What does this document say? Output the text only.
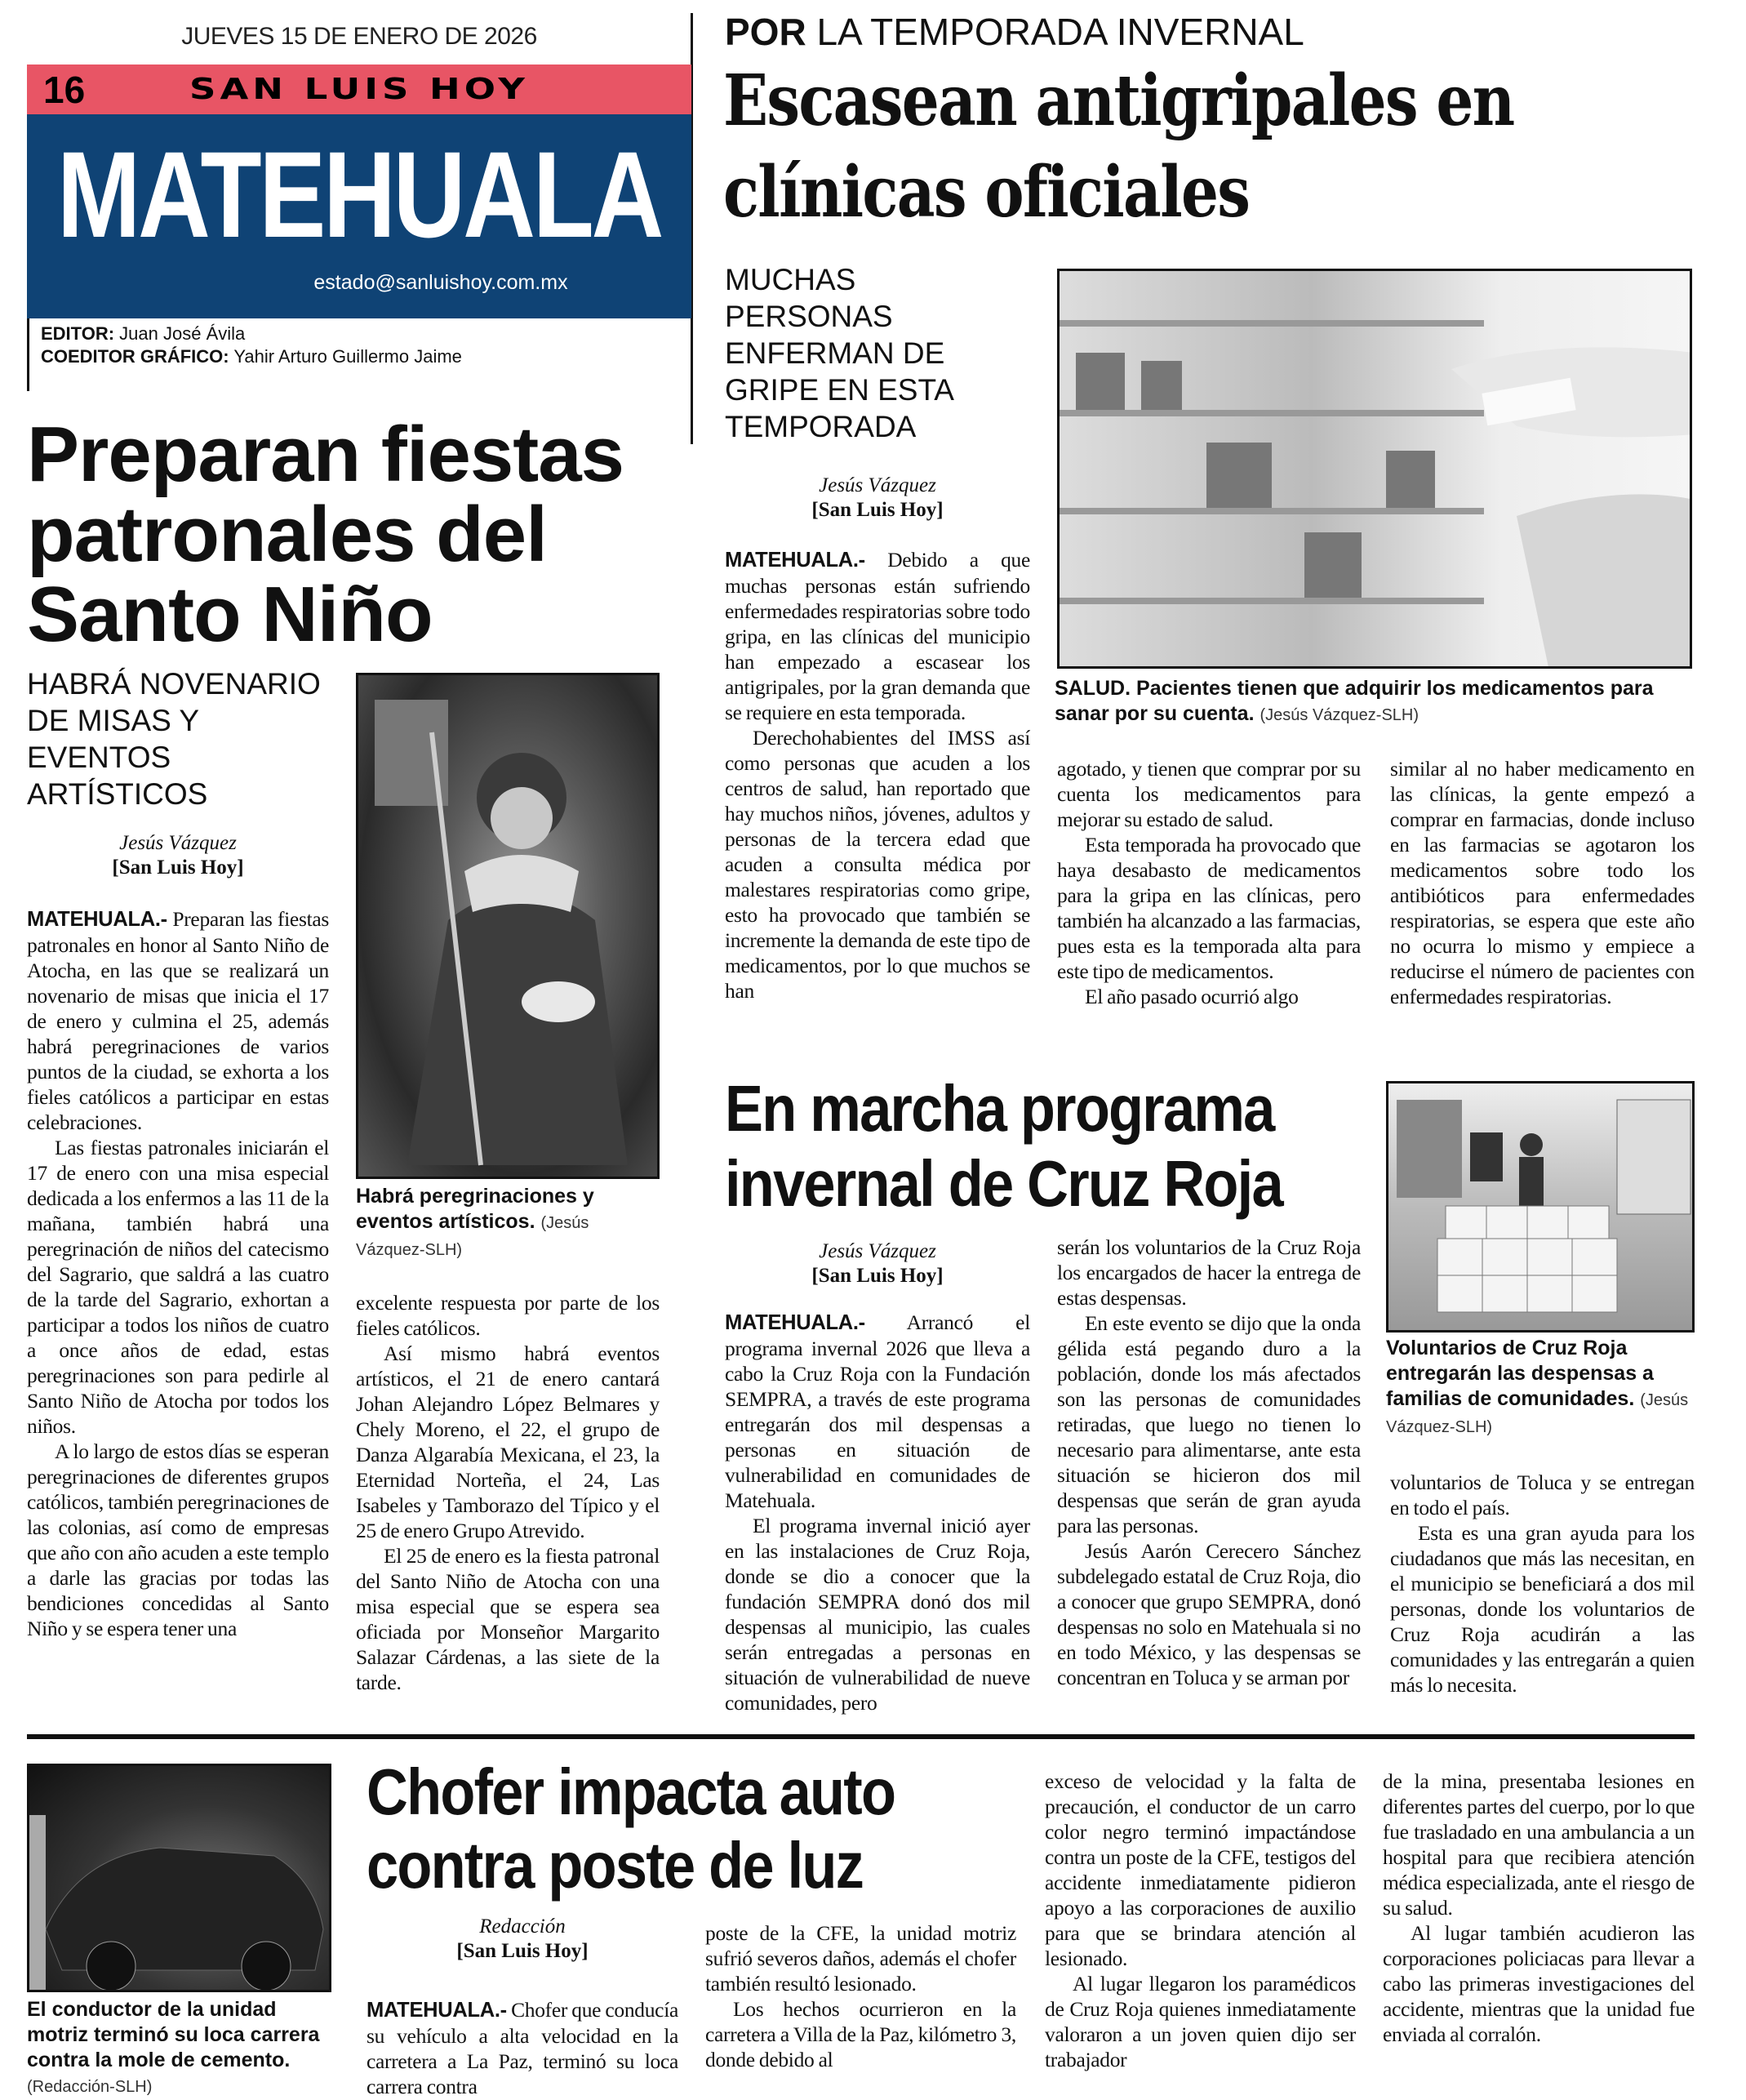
JUEVES 15 DE ENERO DE 2026
16	SAN LUIS HOY
MATEHUALA
estado@sanluishoy.com.mx
EDITOR: Juan José Ávila
COEDITOR GRÁFICO: Yahir Arturo Guillermo Jaime
Preparan fiestas patronales del Santo Niño
HABRÁ NOVENARIO DE MISAS Y EVENTOS ARTÍSTICOS
Jesús Vázquez
[San Luis Hoy]
Habrá peregrinaciones y eventos artísticos. (Jesús Vázquez-SLH)

MATEHUALA.- Preparan las fiestas patronales en honor al Santo Niño de Atocha, en las que se realizará un novenario de misas que inicia el 17 de enero y culmina el 25, además habrá peregrinaciones de varios puntos de la ciudad, se exhorta a los fieles católicos a participar en estas celebraciones.

Las fiestas patronales iniciarán el 17 de enero con una misa especial dedicada a los enfermos a las 11 de la mañana, también habrá una peregrinación de niños del catecismo del Sagrario, que saldrá a las cuatro de la tarde del Sagrario, exhortan a participar a todos los niños de cuatro a once años de edad, estas peregrinaciones son para pedirle al Santo Niño de Atocha por todos los niños.

A lo largo de estos días se esperan peregrinaciones de diferentes grupos católicos, también peregrinaciones de las colonias, así como de empresas que año con año acuden a este templo a darle las gracias por todas las bendiciones concedidas al Santo Niño y se espera tener una

excelente respuesta por parte de los fieles católicos.

Así mismo habrá eventos artísticos, el 21 de enero cantará Johan Alejandro López Belmares y Chely Moreno, el 22, el grupo de Danza Algarabía Mexicana, el 23, la Eternidad Norteña, el 24, Las Isabeles y Tamborazo del Típico y el 25 de enero Grupo Atrevido.

El 25 de enero es la fiesta patronal del Santo Niño de Atocha con una misa especial que se espera sea oficiada por Monseñor Margarito Salazar Cárdenas, a las siete de la tarde.

POR LA TEMPORADA INVERNAL
Escasean antigripales en clínicas oficiales
MUCHAS PERSONAS ENFERMAN DE GRIPE EN ESTA TEMPORADA
Jesús Vázquez
[San Luis Hoy]
SALUD. Pacientes tienen que adquirir los medicamentos para sanar por su cuenta. (Jesús Vázquez-SLH)

MATEHUALA.- Debido a que muchas personas están sufriendo enfermedades respiratorias sobre todo gripa, en las clínicas del municipio han empezado a escasear los antigripales, por la gran demanda que se requiere en esta temporada.

Derechohabientes del IMSS así como personas que acuden a los centros de salud, han reportado que hay muchos niños, jóvenes, adultos y personas de la tercera edad que acuden a consulta médica por malestares respiratorias como gripe, esto ha provocado que también se incremente la demanda de este tipo de medicamentos, por lo que muchos se han

agotado, y tienen que comprar por su cuenta los medicamentos para mejorar su estado de salud.

Esta temporada ha provocado que haya desabasto de medicamentos para la gripa en las clínicas, pero también ha alcanzado a las farmacias, pues esta es la temporada alta para este tipo de medicamentos.

El año pasado ocurrió algo

similar al no haber medicamento en las clínicas, la gente empezó a comprar en farmacias, donde incluso en las farmacias se agotaron los medicamentos sobre todo los antibióticos para enfermedades respiratorias, se espera que este año no ocurra lo mismo y empiece a reducirse el número de pacientes con enfermedades respiratorias.

En marcha programa invernal de Cruz Roja
Jesús Vázquez
[San Luis Hoy]
Voluntarios de Cruz Roja entregarán las despensas a familias de comunidades. (Jesús Vázquez-SLH)

MATEHUALA.- Arrancó el programa invernal 2026 que lleva a cabo la Cruz Roja con la Fundación SEMPRA, a través de este programa entregarán dos mil despensas a personas en situación de vulnerabilidad en comunidades de Matehuala.

El programa invernal inició ayer en las instalaciones de Cruz Roja, donde se dio a conocer que la fundación SEMPRA donó dos mil despensas al municipio, las cuales serán entregadas a personas en situación de vulnerabilidad de nueve comunidades, pero

serán los voluntarios de la Cruz Roja los encargados de hacer la entrega de estas despensas.

En este evento se dijo que la onda gélida está pegando duro a la población, donde los más afectados son las personas de comunidades retiradas, que luego no tienen lo necesario para alimentarse, ante esta situación se hicieron dos mil despensas que serán de gran ayuda para las personas.

Jesús Aarón Cerecero Sánchez subdelegado estatal de Cruz Roja, dio a conocer que grupo SEMPRA, donó despensas no solo en Matehuala si no en todo México, y las despensas se concentran en Toluca y se arman por

voluntarios de Toluca y se entregan en todo el país.

Esta es una gran ayuda para los ciudadanos que más las necesitan, en el municipio se beneficiará a dos mil personas, donde los voluntarios de Cruz Roja acudirán a las comunidades y las entregarán a quien más lo necesita.

El conductor de la unidad motriz terminó su loca carrera contra la mole de cemento. (Redacción-SLH)
Chofer impacta auto contra poste de luz
Redacción
[San Luis Hoy]

MATEHUALA.- Chofer que conducía su vehículo a alta velocidad en la carretera a La Paz, terminó su loca carrera contra

poste de la CFE, la unidad motriz sufrió severos daños, además el chofer también resultó lesionado.

Los hechos ocurrieron en la carretera a Villa de la Paz, kilómetro 3, donde debido al

exceso de velocidad y la falta de precaución, el conductor de un carro color negro terminó impactándose contra un poste de la CFE, testigos del accidente inmediatamente pidieron apoyo a las corporaciones de auxilio para que se brindara atención al lesionado.

Al lugar llegaron los paramédicos de Cruz Roja quienes inmediatamente valoraron a un joven quien dijo ser trabajador

de la mina, presentaba lesiones en diferentes partes del cuerpo, por lo que fue trasladado en una ambulancia a un hospital para que recibiera atención médica especializada, ante el riesgo de su salud.

Al lugar también acudieron las corporaciones policiacas para llevar a cabo las primeras investigaciones del accidente, mientras que la unidad fue enviada al corralón.
